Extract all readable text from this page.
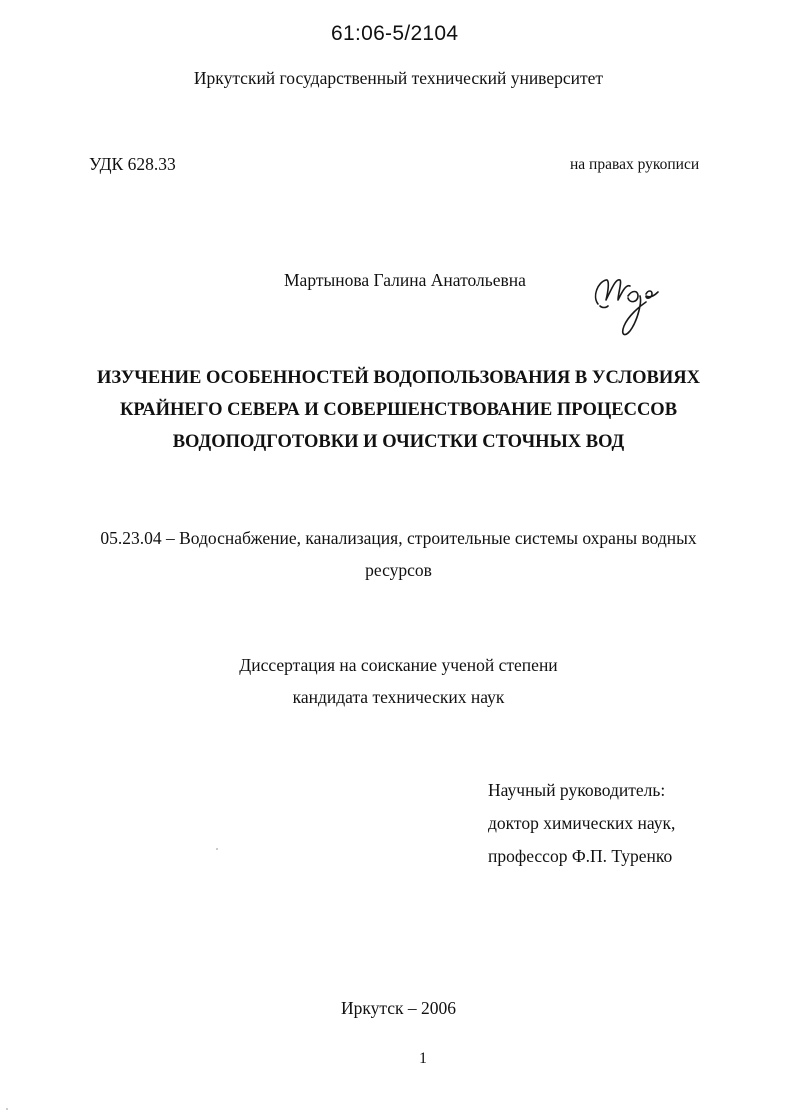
61:06-5/2104
Иркутский государственный технический университет
УДК 628.33	на правах рукописи
Мартынова Галина Анатольевна
ИЗУЧЕНИЕ ОСОБЕННОСТЕЙ ВОДОПОЛЬЗОВАНИЯ В УСЛОВИЯХ
КРАЙНЕГО СЕВЕРА И СОВЕРШЕНСТВОВАНИЕ ПРОЦЕССОВ
ВОДОПОДГОТОВКИ И ОЧИСТКИ СТОЧНЫХ ВОД
05.23.04 – Водоснабжение, канализация, строительные системы охраны водных
ресурсов
Диссертация на соискание ученой степени
кандидата технических наук
Научный руководитель:
доктор химических наук,
профессор Ф.П. Туренко
Иркутск – 2006
1
